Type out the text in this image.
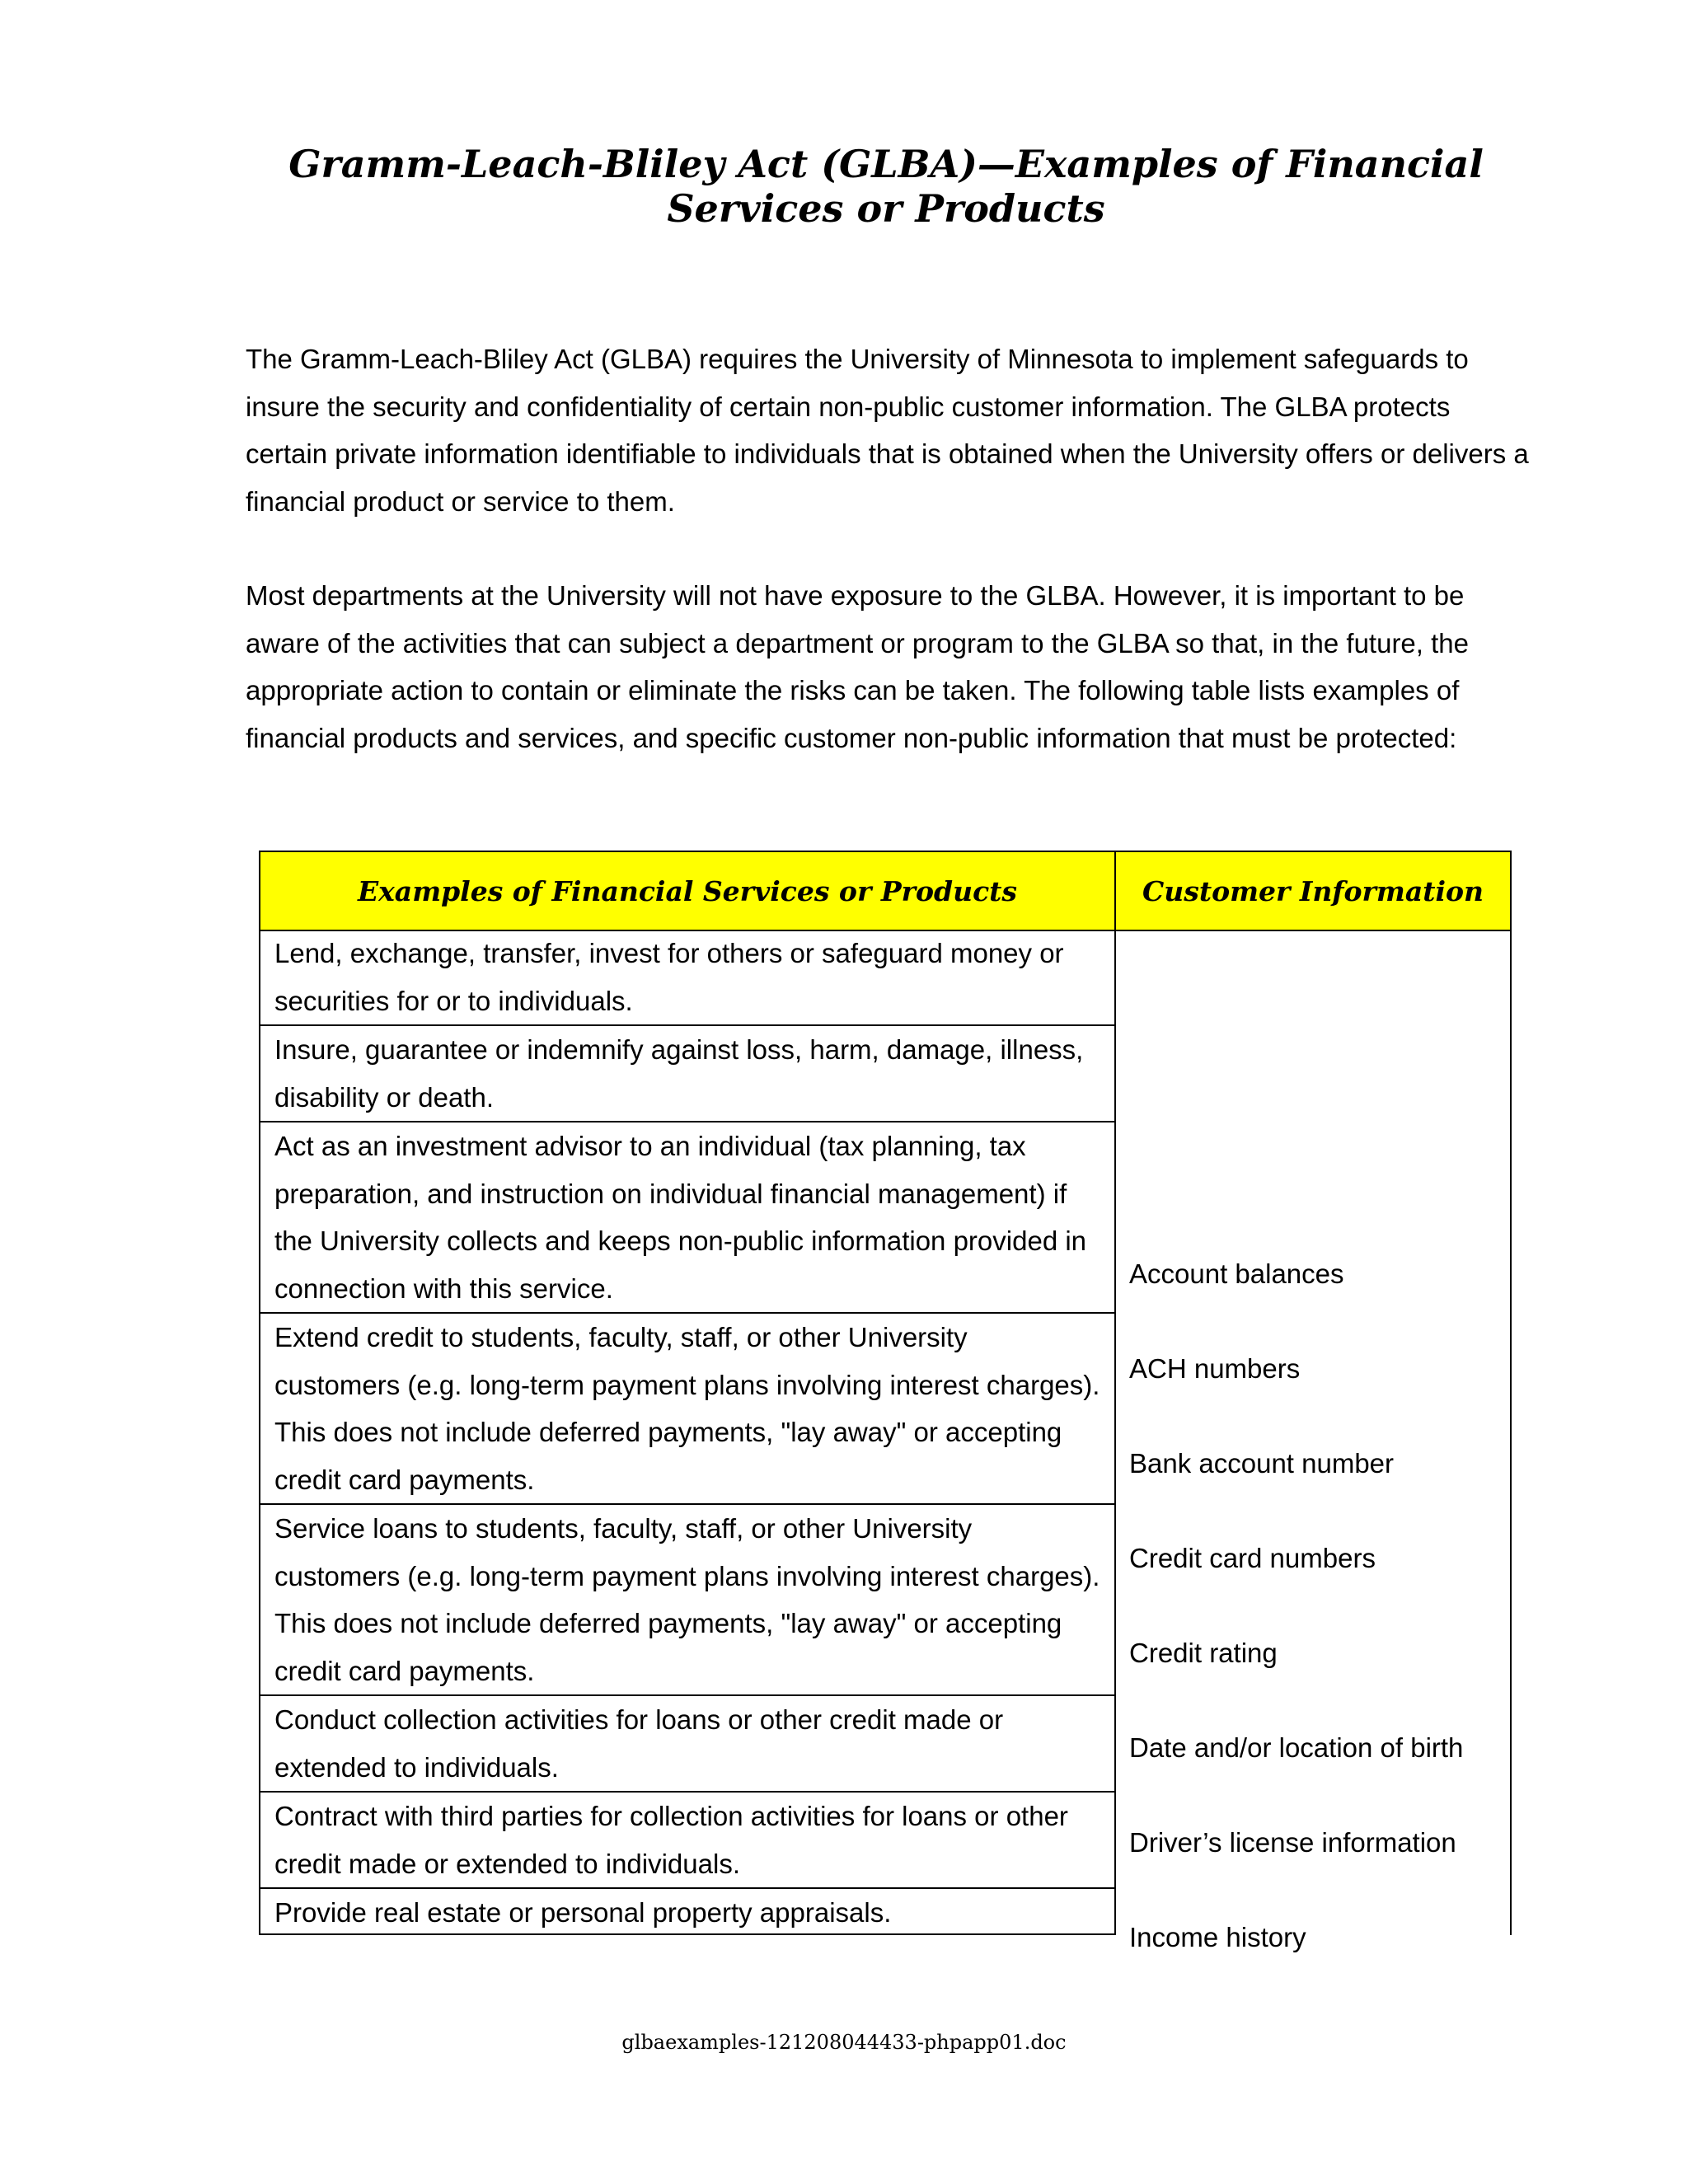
Gramm-Leach-Bliley Act (GLBA)—Examples of Financial
Services or Products

The Gramm-Leach-Bliley Act (GLBA) requires the University of Minnesota to implement safeguards to
insure the security and confidentiality of certain non-public customer information. The GLBA protects
certain private information identifiable to individuals that is obtained when the University offers or delivers a
financial product or service to them.

Most departments at the University will not have exposure to the GLBA. However, it is important to be
aware of the activities that can subject a department or program to the GLBA so that, in the future, the
appropriate action to contain or eliminate the risks can be taken. The following table lists examples of
financial products and services, and specific customer non-public information that must be protected:

Examples of Financial Services or Products	Customer Information
Lend, exchange, transfer, invest for others or safeguard money or
securities for or to individuals.
Insure, guarantee or indemnify against loss, harm, damage, illness,
disability or death.
Act as an investment advisor to an individual (tax planning, tax
preparation, and instruction on individual financial management) if
the University collects and keeps non-public information provided in
connection with this service.
Extend credit to students, faculty, staff, or other University
customers (e.g. long-term payment plans involving interest charges).
This does not include deferred payments, "lay away" or accepting
credit card payments.
Service loans to students, faculty, staff, or other University
customers (e.g. long-term payment plans involving interest charges).
This does not include deferred payments, "lay away" or accepting
credit card payments.
Conduct collection activities for loans or other credit made or
extended to individuals.
Contract with third parties for collection activities for loans or other
credit made or extended to individuals.
Provide real estate or personal property appraisals.
Account balances
ACH numbers
Bank account number
Credit card numbers
Credit rating
Date and/or location of birth
Driver’s license information
Income history
glbaexamples-121208044433-phpapp01.doc
